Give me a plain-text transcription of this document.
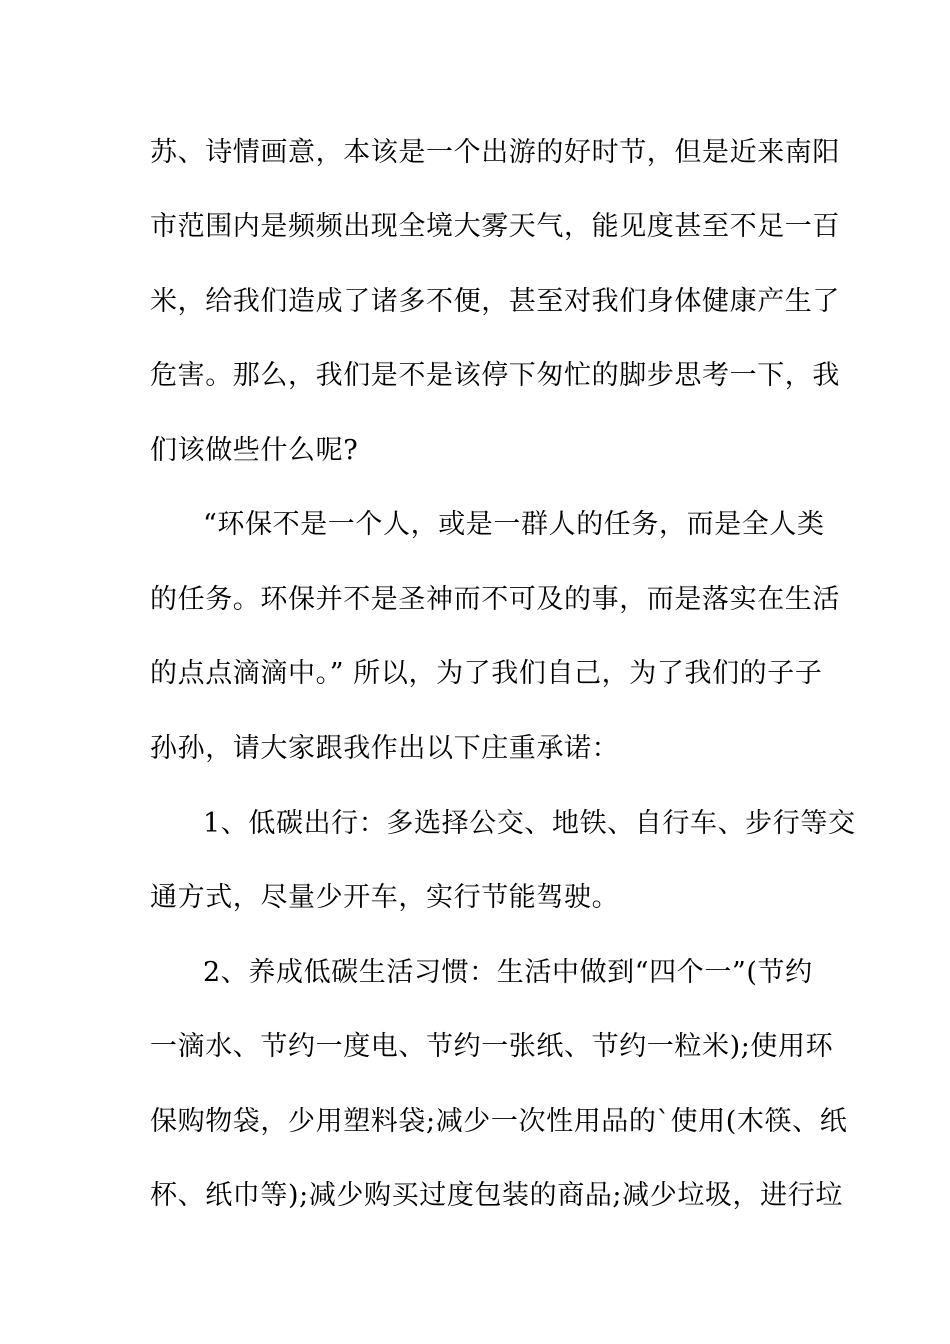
苏、诗情画意，本该是一个出游的好时节，但是近来南阳
市范围内是频频出现全境大雾天气，能见度甚至不足一百
米，给我们造成了诸多不便，甚至对我们身体健康产生了
危害。那么，我们是不是该停下匆忙的脚步思考一下，我
们该做些什么呢?
“环保不是一个人，或是一群人的任务，而是全人类
的任务。环保并不是圣神而不可及的事，而是落实在生活
的点点滴滴中。” 所以，为了我们自己，为了我们的子子
孙孙，请大家跟我作出以下庄重承诺：
1、低碳出行：多选择公交、地铁、自行车、步行等交
通方式，尽量少开车，实行节能驾驶。
2、养成低碳生活习惯：生活中做到“四个一”(节约
一滴水、节约一度电、节约一张纸、节约一粒米);使用环
保购物袋，少用塑料袋;减少一次性用品的`使用(木筷、纸
杯、纸巾等);减少购买过度包装的商品;减少垃圾，进行垃
